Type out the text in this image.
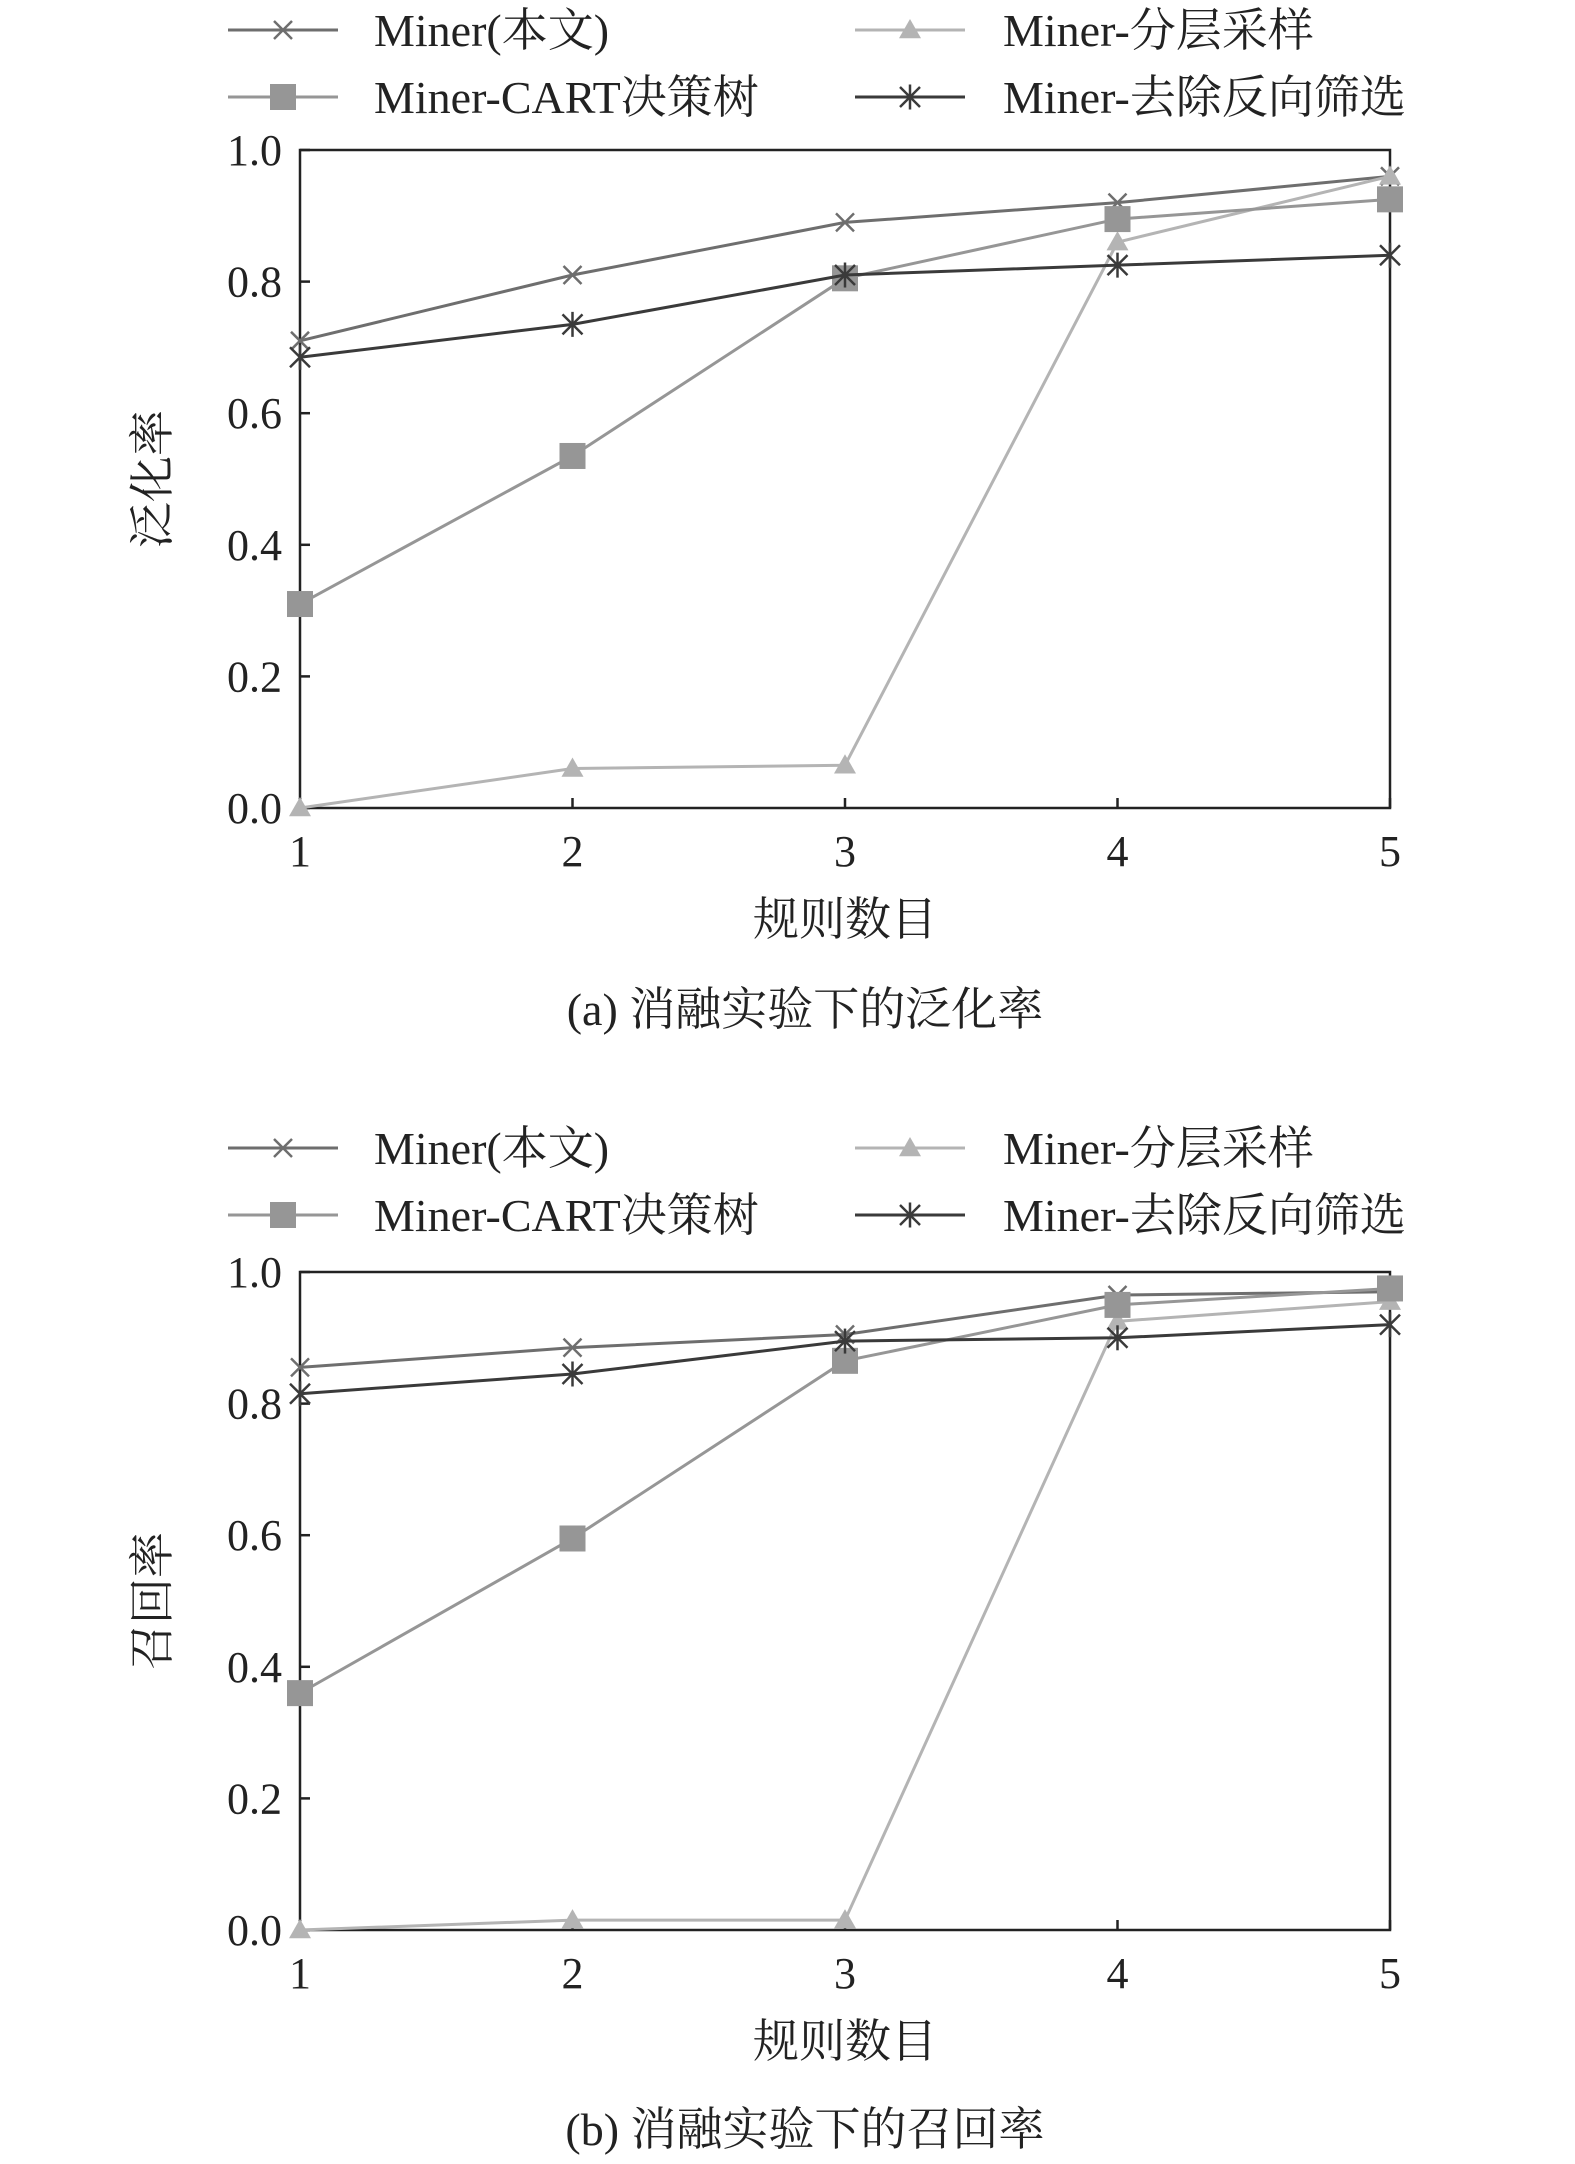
Miner(本文)	Miner-分层采样
Miner-CART决策树	Miner-去除反向筛选
0.0
0.2
0.4
0.6
0.8
1.0
1	2	3	4	5
规则数目
泛化率
(a) 消融实验下的泛化率
Miner(本文)	Miner-分层采样
Miner-CART决策树	Miner-去除反向筛选
0.0
0.2
0.4
0.6
0.8
1.0
1	2	3	4	5
规则数目
召回率
(b) 消融实验下的召回率
